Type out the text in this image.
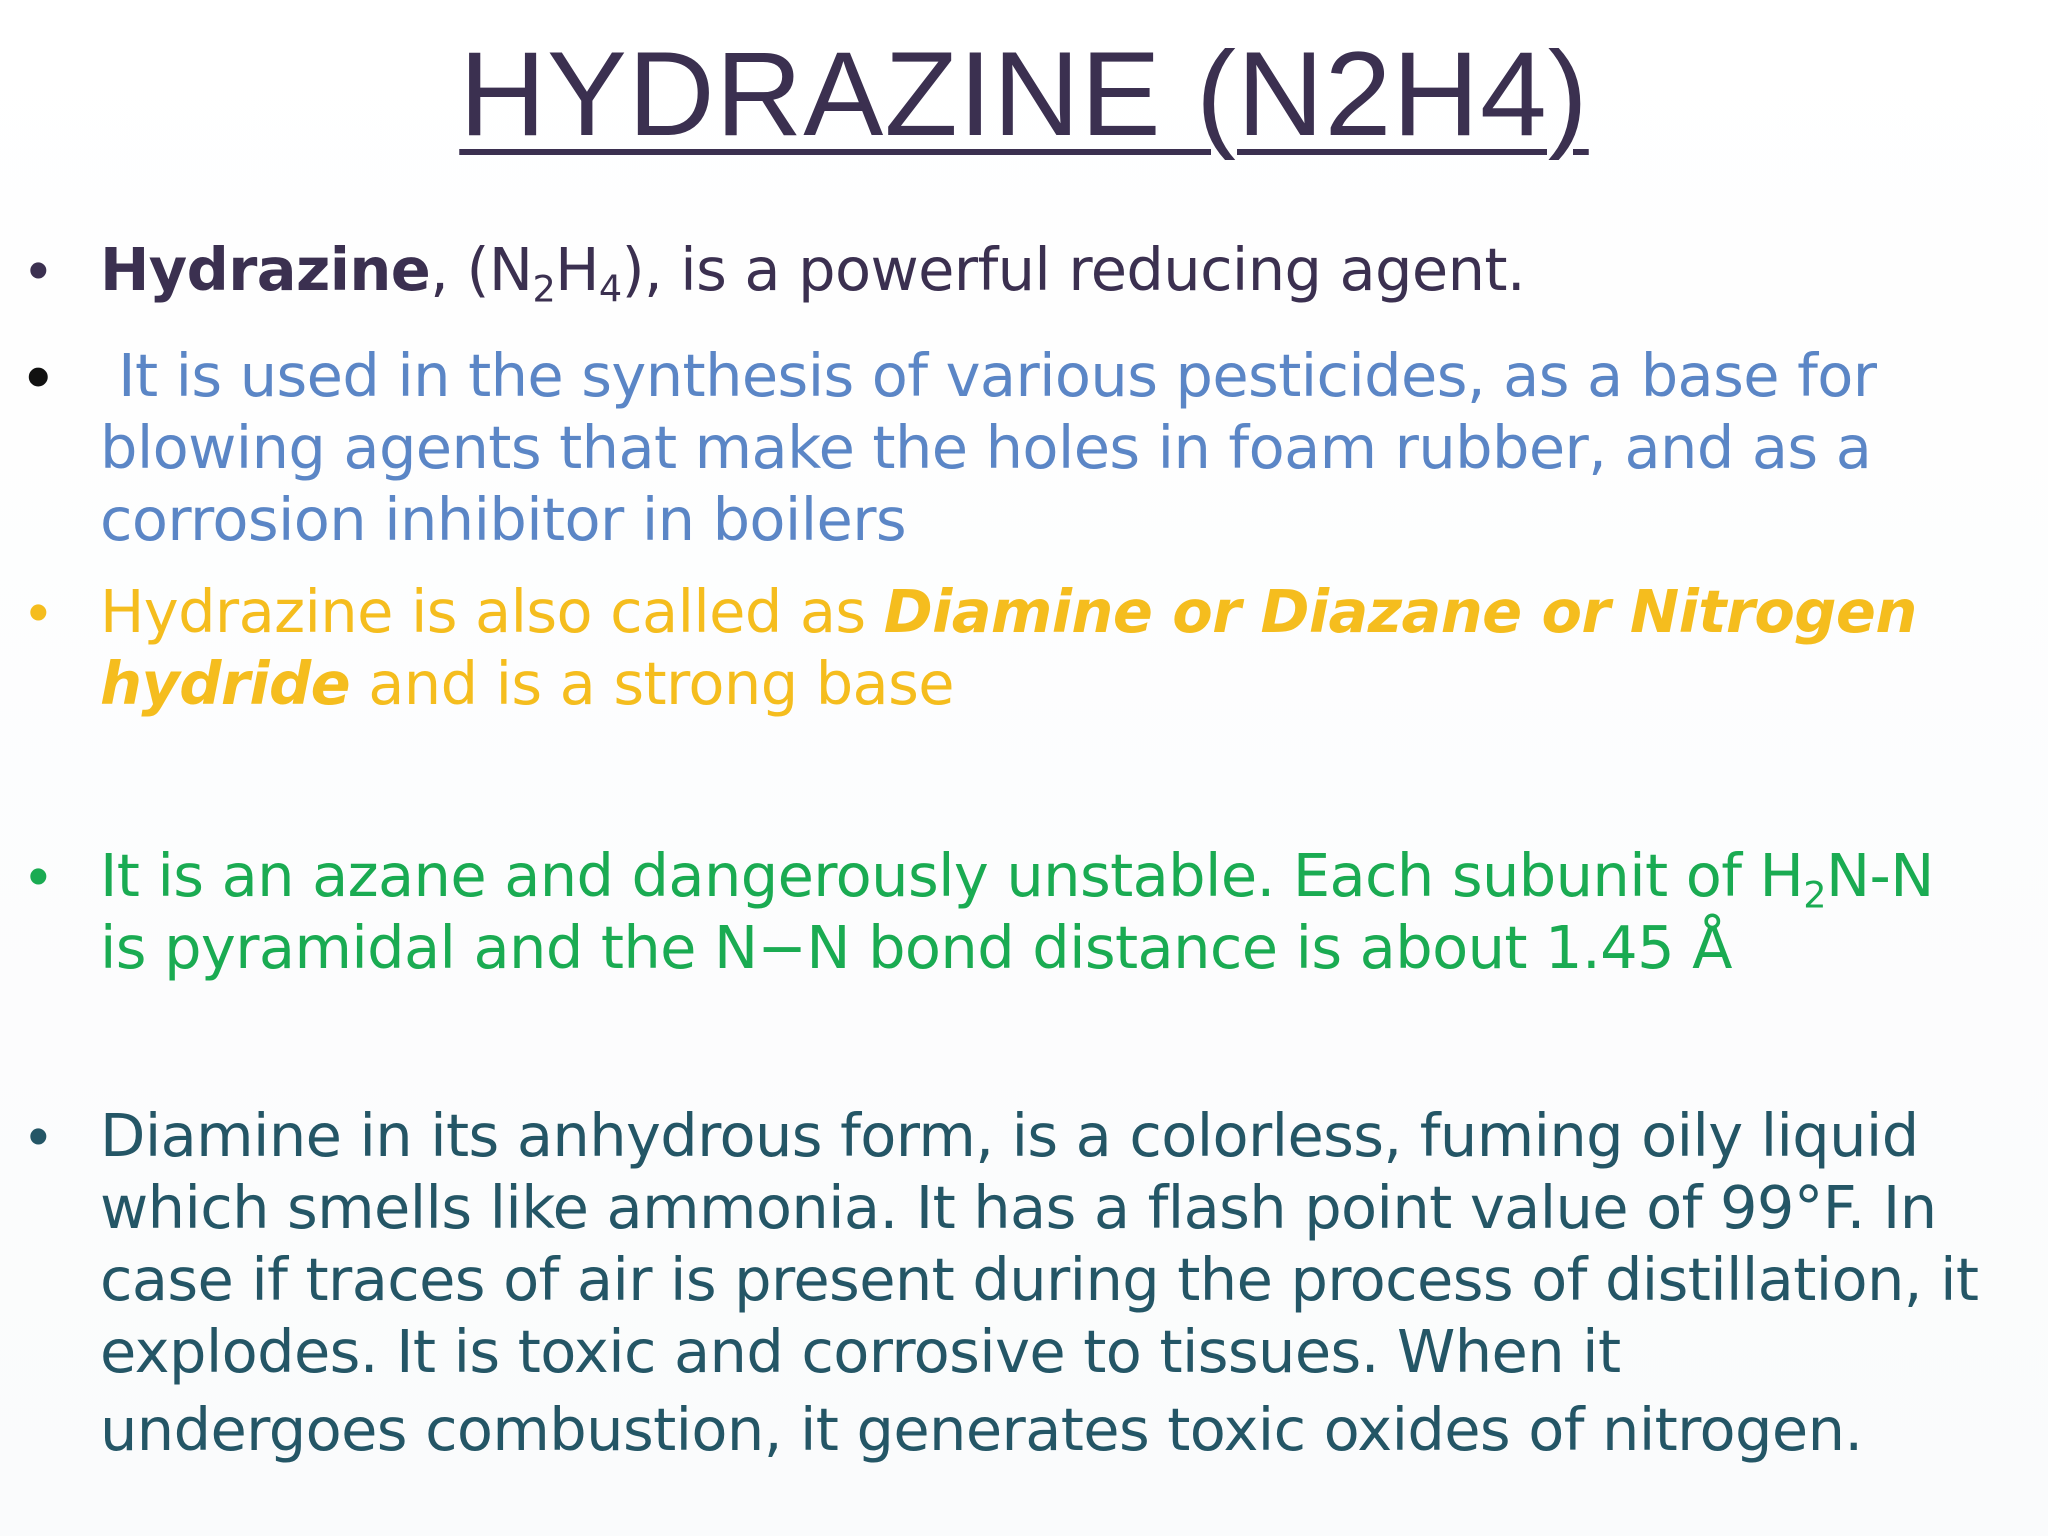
HYDRAZINE (N2H4)
• Hydrazine, $(N_2H_4)$, is a powerful reducing agent.
• It is used in the synthesis of various pesticides, as a base for
blowing agents that make the holes in foam rubber, and as a
corrosion inhibitor in boilers
• Hydrazine is also called as Diamine or Diazane or Nitrogen
hydride and is a strong base
• It is an azane and dangerously unstable. Each subunit of $H_2N-N$
is pyramidal and the N−N bond distance is about 1.45 Å
• Diamine in its anhydrous form, is a colorless, fuming oily liquid
which smells like ammonia. It has a flash point value of 99°F. In
case if traces of air is present during the process of distillation, it
explodes. It is toxic and corrosive to tissues. When it
undergoes combustion, it generates toxic oxides of nitrogen.
